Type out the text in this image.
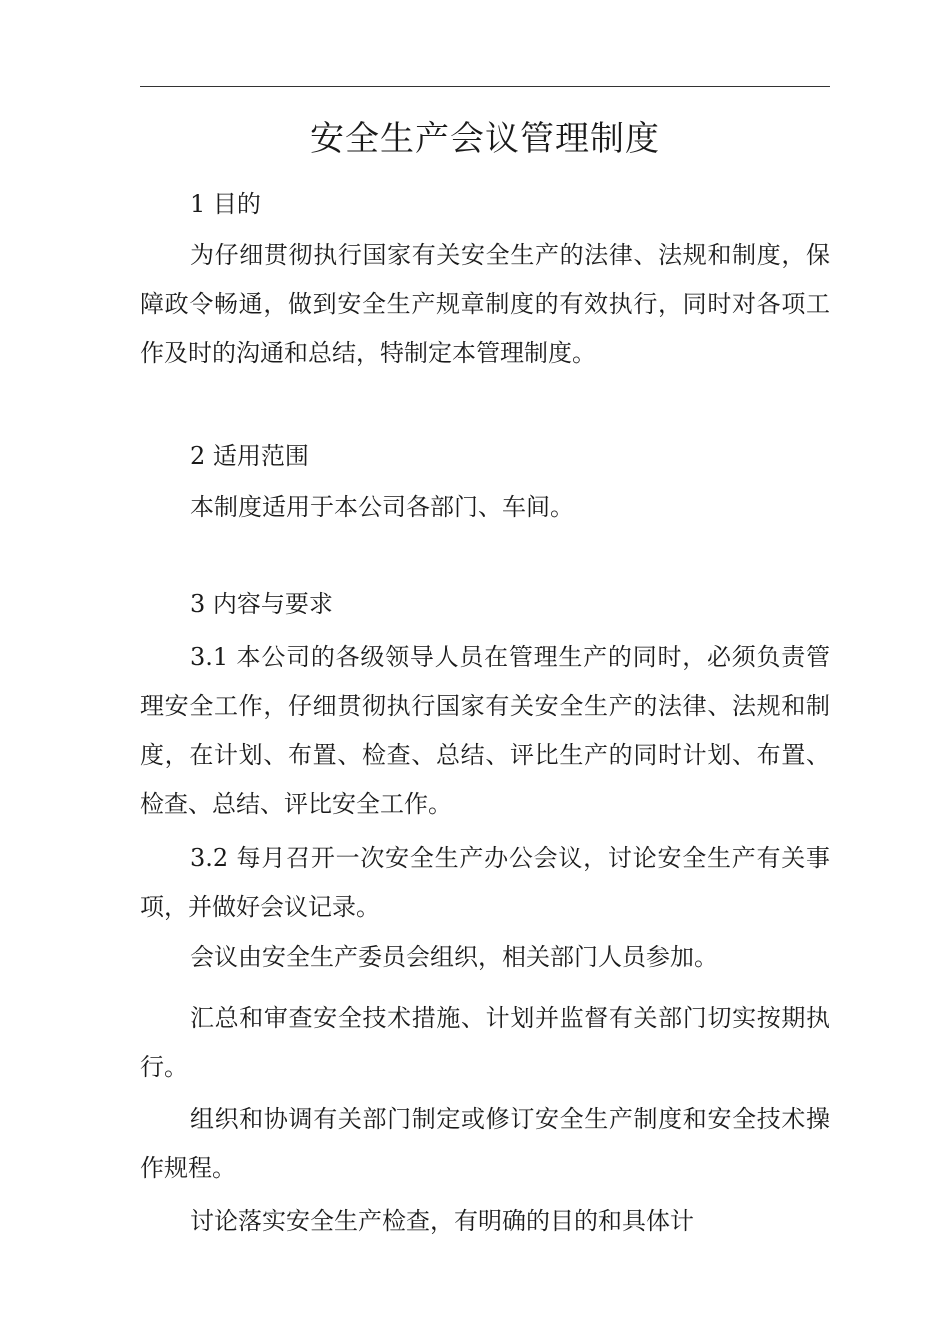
安全生产会议管理制度
1 目的
为仔细贯彻执行国家有关安全生产的法律、法规和制度，保障政令畅通，做到安全生产规章制度的有效执行，同时对各项工作及时的沟通和总结，特制定本管理制度。
2 适用范围
本制度适用于本公司各部门、车间。
3 内容与要求
3.1 本公司的各级领导人员在管理生产的同时，必须负责管理安全工作，仔细贯彻执行国家有关安全生产的法律、法规和制度，在计划、布置、检查、总结、评比生产的同时计划、布置、检查、总结、评比安全工作。
3.2 每月召开一次安全生产办公会议，讨论安全生产有关事项，并做好会议记录。
会议由安全生产委员会组织，相关部门人员参加。
汇总和审查安全技术措施、计划并监督有关部门切实按期执行。
组织和协调有关部门制定或修订安全生产制度和安全技术操作规程。
讨论落实安全生产检查，有明确的目的和具体计
